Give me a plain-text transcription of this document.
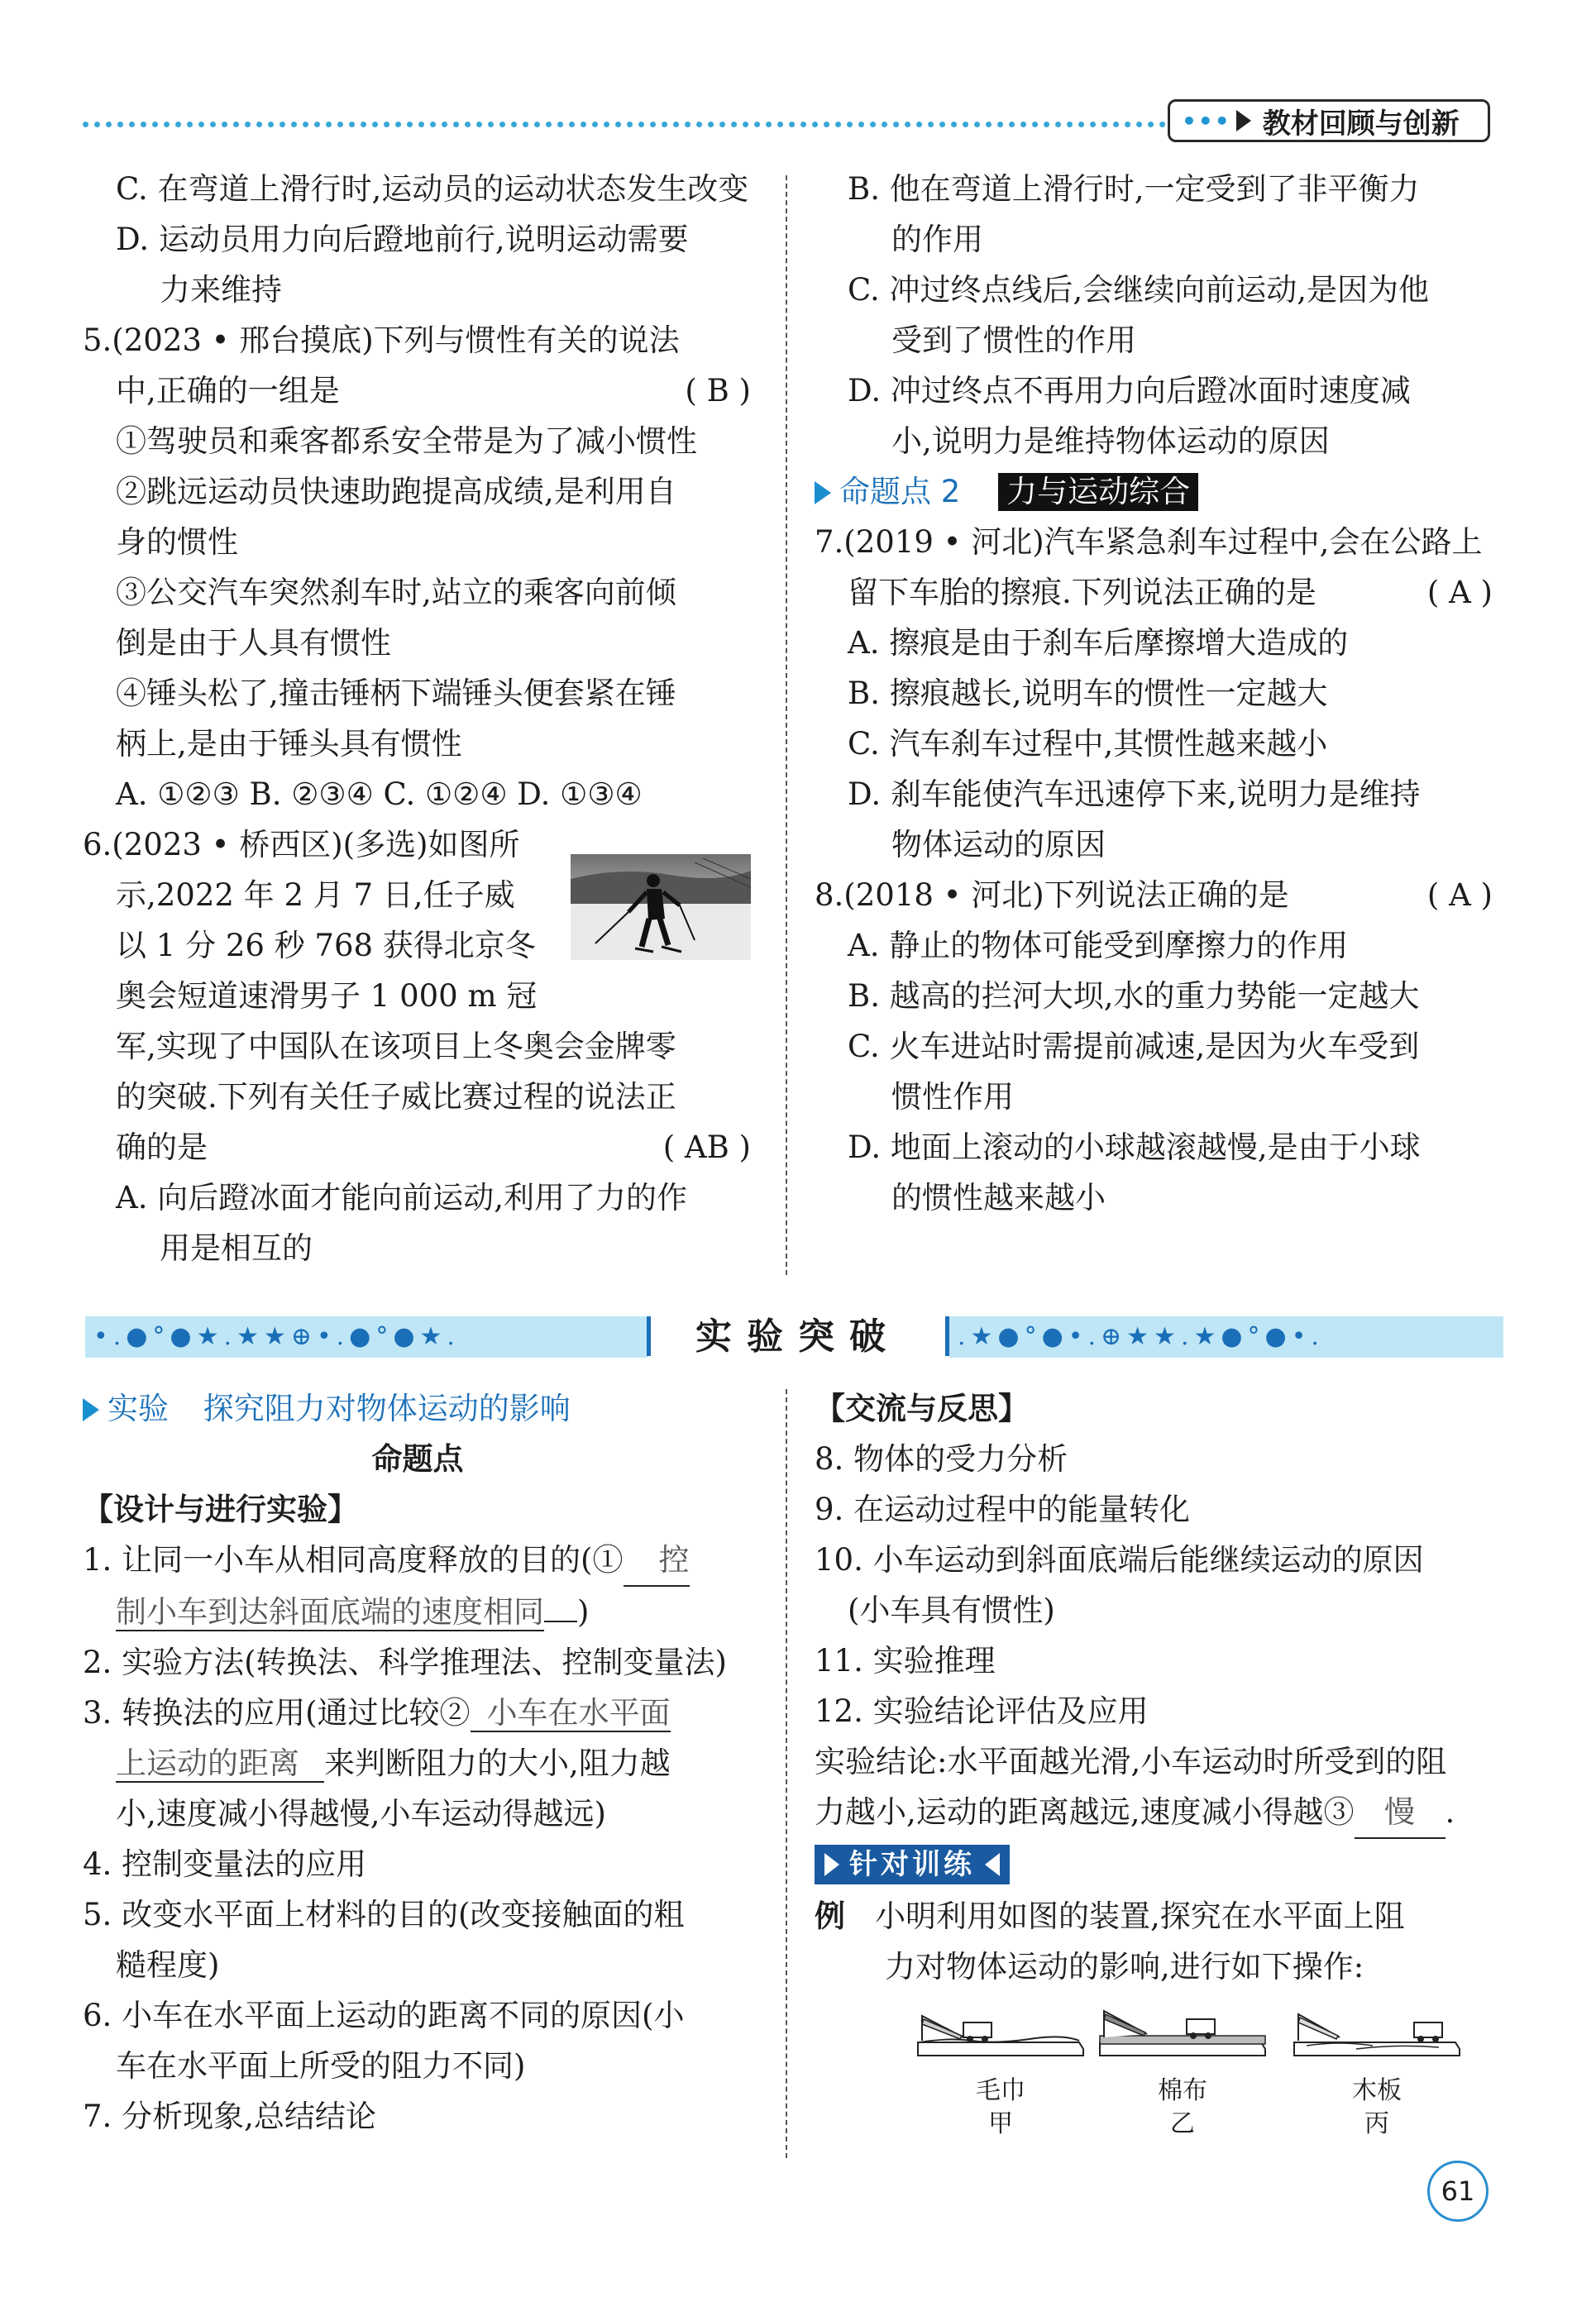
••• 教材回顾与创新

C. 在弯道上滑行时,运动员的运动状态发生改变

D. 运动员用力向后蹬地前行,说明运动需要

力来维持

5.(2023 • 邢台摸底)下列与惯性有关的说法

中,正确的一组是	( B )

①驾驶员和乘客都系安全带是为了减小惯性

②跳远运动员快速助跑提高成绩,是利用自

身的惯性

③公交汽车突然刹车时,站立的乘客向前倾

倒是由于人具有惯性

④锤头松了,撞击锤柄下端锤头便套紧在锤

柄上,是由于锤头具有惯性

A. ①②③ B. ②③④ C. ①②④ D. ①③④

6.(2023 • 桥西区)(多选)如图所

示,2022 年 2 月 7 日,任子威

以 1 分 26 秒 768 获得北京冬

奥会短道速滑男子 1 000 m 冠

军,实现了中国队在该项目上冬奥会金牌零

的突破.下列有关任子威比赛过程的说法正

确的是	( AB )

A. 向后蹬冰面才能向前运动,利用了力的作

用是相互的

B. 他在弯道上滑行时,一定受到了非平衡力

的作用

C. 冲过终点线后,会继续向前运动,是因为他

受到了惯性的作用

D. 冲过终点不再用力向后蹬冰面时速度减

小,说明力是维持物体运动的原因

命题点 2 力与运动综合

7.(2019 • 河北)汽车紧急刹车过程中,会在公路上

留下车胎的擦痕.下列说法正确的是	( A )

A. 擦痕是由于刹车后摩擦增大造成的

B. 擦痕越长,说明车的惯性一定越大

C. 汽车刹车过程中,其惯性越来越小

D. 刹车能使汽车迅速停下来,说明力是维持

物体运动的原因

8.(2018 • 河北)下列说法正确的是	( A )

A. 静止的物体可能受到摩擦力的作用

B. 越高的拦河大坝,水的重力势能一定越大

C. 火车进站时需提前减速,是因为火车受到

惯性作用

D. 地面上滚动的小球越滚越慢,是由于小球

的惯性越来越小

•.●°●★.★★⊕•.●°●★.	实验突破	.★●°●•.⊕★★.★●°●•.

实验 探究阻力对物体运动的影响

命题点

【设计与进行实验】

1. 让同一小车从相同高度释放的目的(① 控

制小车到达斜面底端的速度相同 )

2. 实验方法(转换法、科学推理法、控制变量法)

3. 转换法的应用(通过比较② 小车在水平面

上运动的距离 来判断阻力的大小,阻力越

小,速度减小得越慢,小车运动得越远)

4. 控制变量法的应用

5. 改变水平面上材料的目的(改变接触面的粗

糙程度)

6. 小车在水平面上运动的距离不同的原因(小

车在水平面上所受的阻力不同)

7. 分析现象,总结结论

【交流与反思】

8. 物体的受力分析

9. 在运动过程中的能量转化

10. 小车运动到斜面底端后能继续运动的原因

(小车具有惯性)

11. 实验推理

12. 实验结论评估及应用

实验结论:水平面越光滑,小车运动时所受到的阻

力越小,运动的距离越远,速度减小得越③ 慢 .

针对训练

例 小明利用如图的装置,探究在水平面上阻

力对物体运动的影响,进行如下操作:

毛巾
甲
棉布
乙
木板
丙
61
